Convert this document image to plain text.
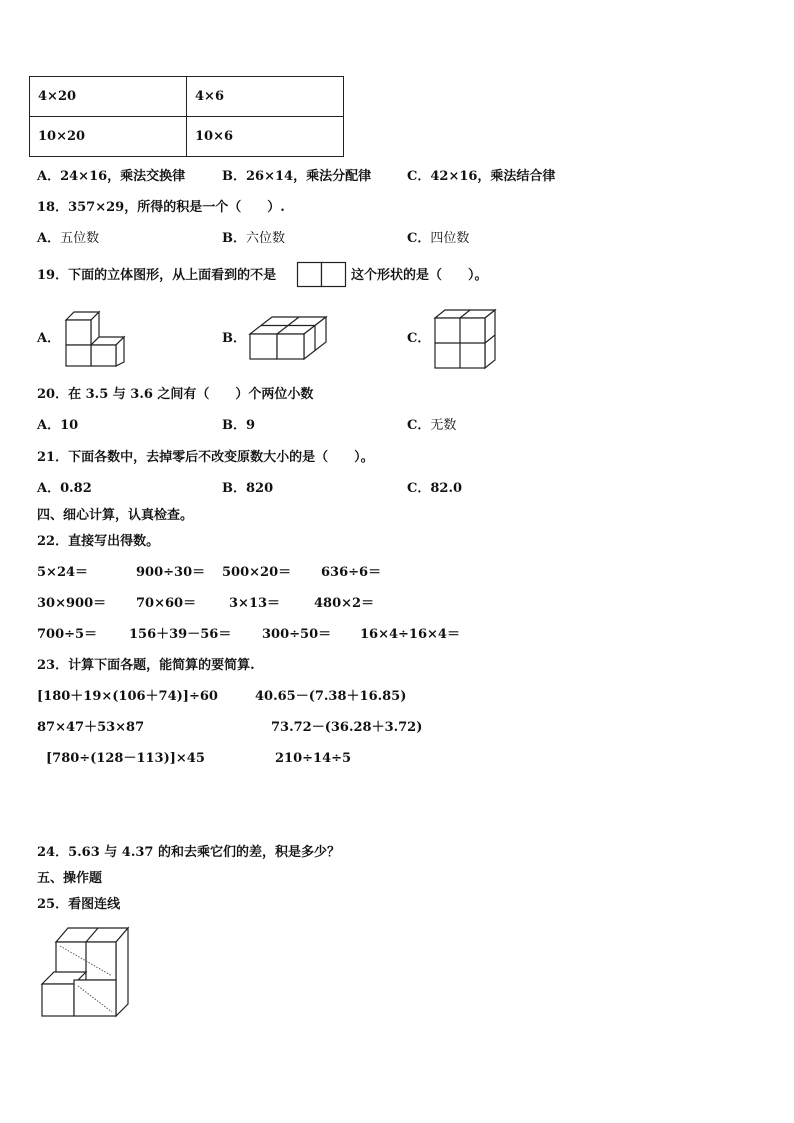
4×20	4×6
10×20	10×6
A．24×16，乘法交换律	B．26×14，乘法分配律	C．42×16，乘法结合律
18．357×29，所得的积是一个（　　）.
A．五位数	B．六位数	C．四位数
19．下面的立体图形，从上面看到的不是	这个形状的是（　　）。
A．	B．	C．
20．在 3.5 与 3.6 之间有（　　）个两位小数
A．10	B．9	C．无数
21．下面各数中，去掉零后不改变原数大小的是（　　）。
A．0.82	B．820	C．82.0
四、细心计算，认真检查。
22．直接写出得数。
5×24＝	900÷30＝ 500×20＝ 636÷6＝
30×900＝ 70×60＝	3×13＝	480×2＝
700÷5＝ 156＋39－56＝ 300÷50＝ 16×4÷16×4＝
23．计算下面各题，能简算的要简算.
[180＋19×(106＋74)]÷60	40.65－(7.38＋16.85)
87×47＋53×87	73.72－(36.28＋3.72)
[780÷(128－113)]×45	210÷14÷5
24．5.63 与 4.37 的和去乘它们的差，积是多少？
五、操作题
25．看图连线
